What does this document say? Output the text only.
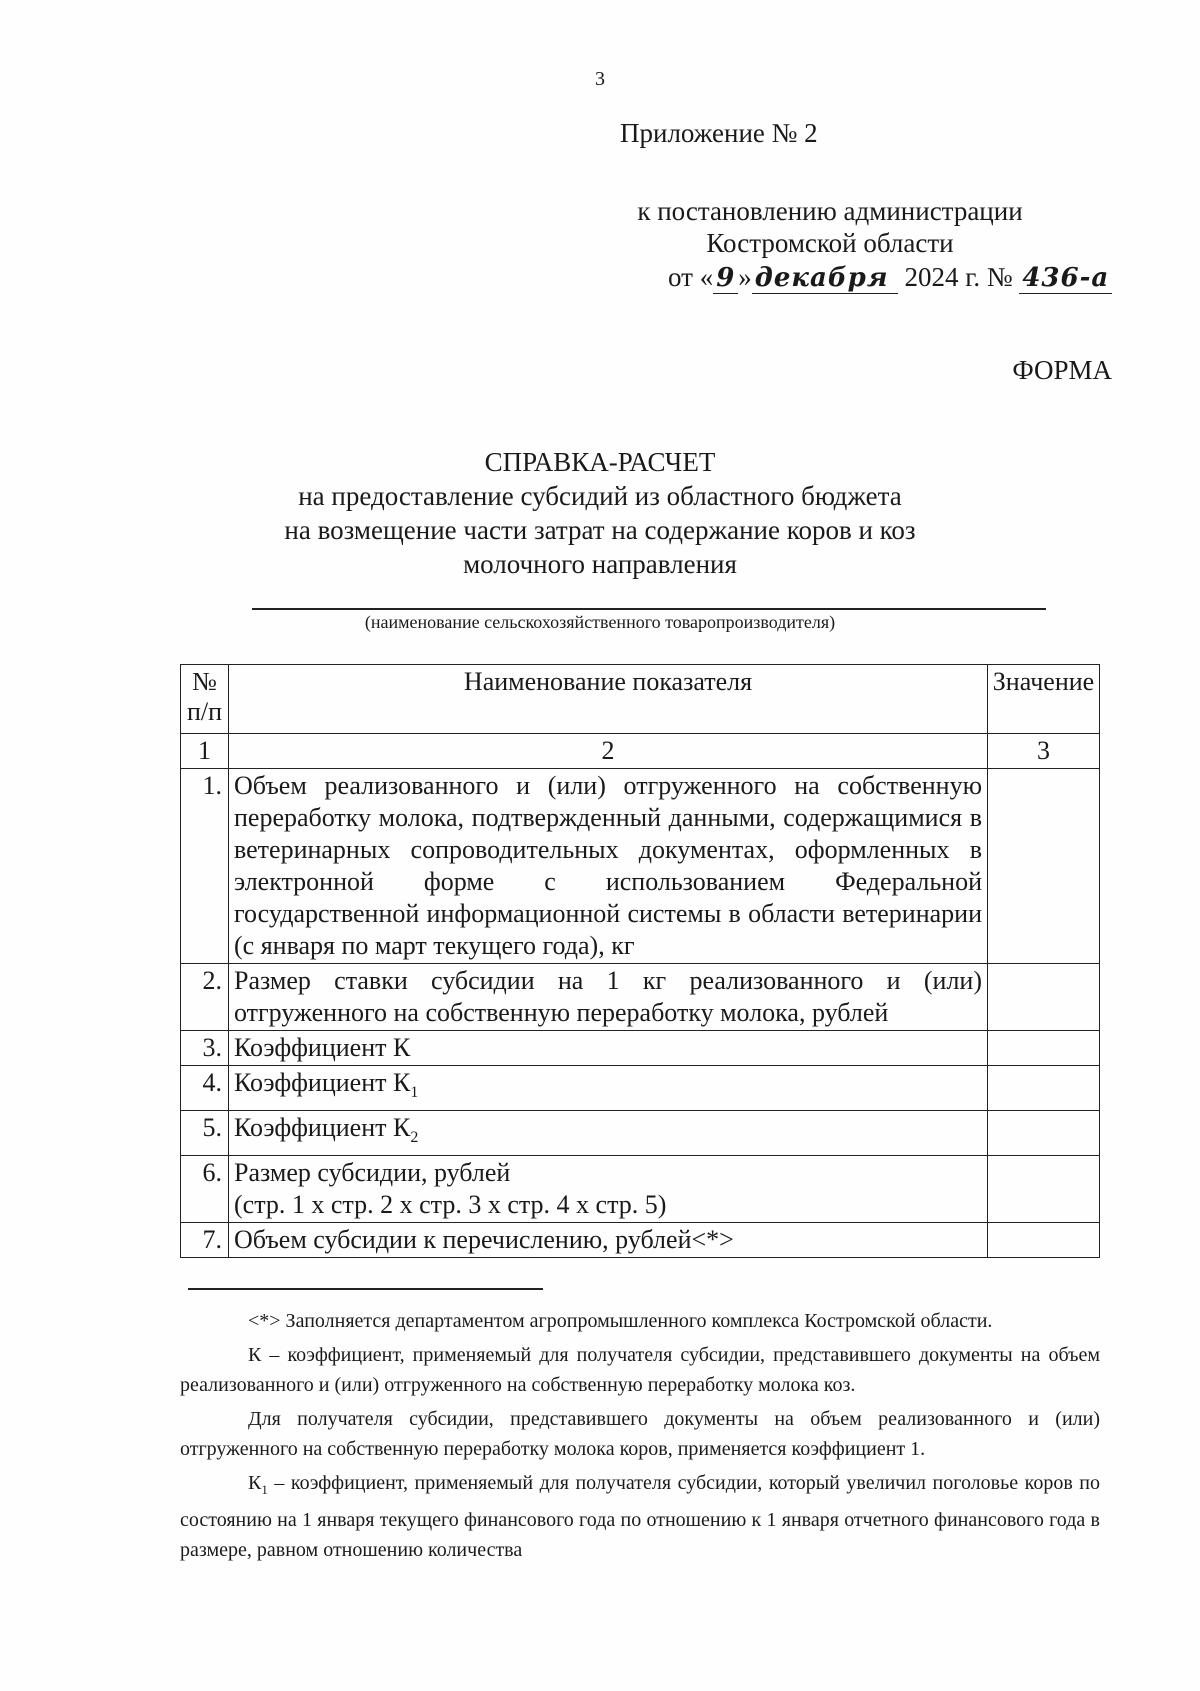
3
Приложение № 2
к постановлению администрации
Костромской области
от « 9 » декабря 2024 г. № 436-а
ФОРМА
СПРАВКА-РАСЧЕТ
на предоставление субсидий из областного бюджета
на возмещение части затрат на содержание коров и коз
молочного направления
(наименование сельскохозяйственного товаропроизводителя)
№ п/п	Наименование показателя	Значение
1	2	3
1.	Объем реализованного и (или) отгруженного на собственную переработку молока, подтвержденный данными, содержащимися в ветеринарных сопроводительных документах, оформленных в электронной форме с использованием Федеральной государственной информационной системы в области ветеринарии (с января по март текущего года), кг	
2.	Размер ставки субсидии на 1 кг реализованного и (или) отгруженного на собственную переработку молока, рублей	
3.	Коэффициент К	
4.	Коэффициент $К_1$	
5.	Коэффициент $К_2$	
6.	Размер субсидии, рублей
(стр. 1 х стр. 2 х стр. 3 х стр. 4 х стр. 5)	

7.	Объем субсидии к перечислению, рублей<*>	

<*> Заполняется департаментом агропромышленного комплекса Костромской области.

К – коэффициент, применяемый для получателя субсидии, представившего документы на объем реализованного и (или) отгруженного на собственную переработку молока коз.

Для получателя субсидии, представившего документы на объем реализованного и (или) отгруженного на собственную переработку молока коров, применяется коэффициент 1.

$К_1$ – коэффициент, применяемый для получателя субсидии, который увеличил поголовье коров по состоянию на 1 января текущего финансового года по отношению к 1 января отчетного финансового года в размере, равном отношению количества
